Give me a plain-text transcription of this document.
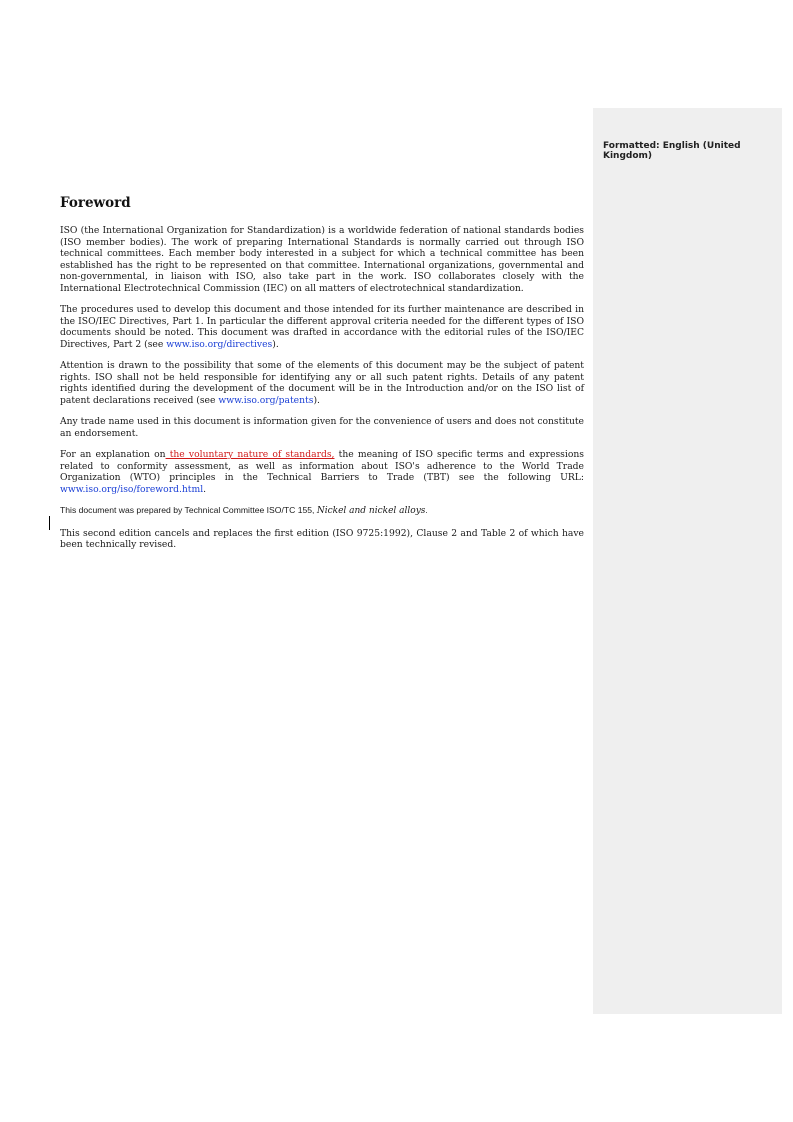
Formatted: English (United Kingdom)
Foreword

ISO (the International Organization for Standardization) is a worldwide federation of national standards bodies (ISO member bodies). The work of preparing International Standards is normally carried out through ISO technical committees. Each member body interested in a subject for which a technical committee has been established has the right to be represented on that committee. International organizations, governmental and non-governmental, in liaison with ISO, also take part in the work. ISO collaborates closely with the International Electrotechnical Commission (IEC) on all matters of electrotechnical standardization.

The procedures used to develop this document and those intended for its further maintenance are described in the ISO/IEC Directives, Part 1. In particular the different approval criteria needed for the different types of ISO documents should be noted. This document was drafted in accordance with the editorial rules of the ISO/IEC Directives, Part 2 (see www.iso.org/directives).

Attention is drawn to the possibility that some of the elements of this document may be the subject of patent rights. ISO shall not be held responsible for identifying any or all such patent rights. Details of any patent rights identified during the development of the document will be in the Introduction and/or on the ISO list of patent declarations received (see www.iso.org/patents).

Any trade name used in this document is information given for the convenience of users and does not constitute an endorsement.

For an explanation on the voluntary nature of standards, the meaning of ISO specific terms and expressions related to conformity assessment, as well as information about ISO's adherence to the World Trade Organization (WTO) principles in the Technical Barriers to Trade (TBT) see the following URL: www.iso.org/iso/foreword.html.

This document was prepared by Technical Committee ISO/TC 155, Nickel and nickel alloys.

This second edition cancels and replaces the first edition (ISO 9725:1992), Clause 2 and Table 2 of which have been technically revised.
